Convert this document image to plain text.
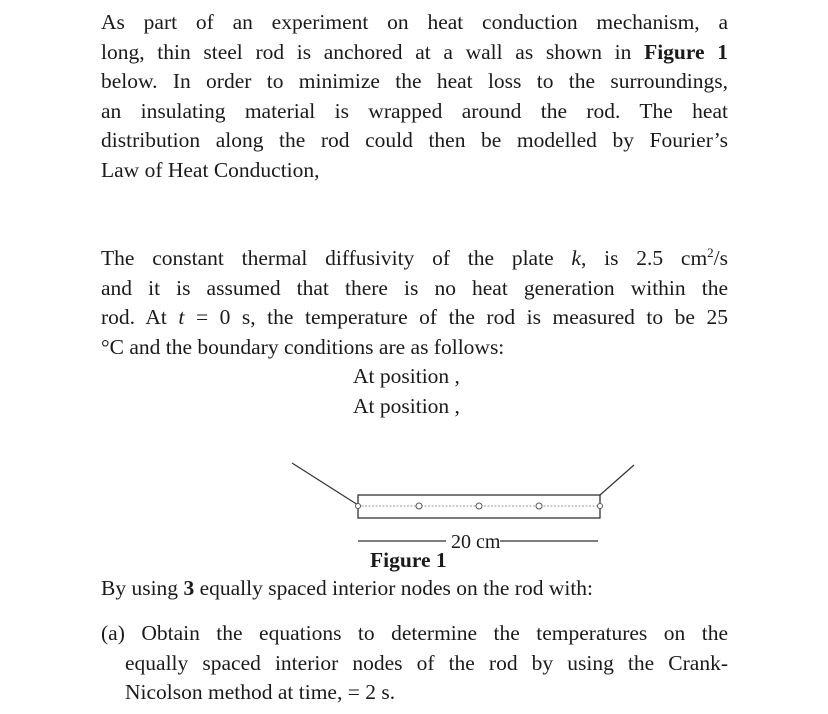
As part of an experiment on heat conduction mechanism, a
long, thin steel rod is anchored at a wall as shown in Figure 1
below. In order to minimize the heat loss to the surroundings,
an insulating material is wrapped around the rod. The heat
distribution along the rod could then be modelled by Fourier’s
Law of Heat Conduction,
The constant thermal diffusivity of the plate k, is 2.5 $cm^2/s$
and it is assumed that there is no heat generation within the
rod. At t = 0 s, the temperature of the rod is measured to be 25
°C and the boundary conditions are as follows:
At position ,
At position ,
20 cm
Figure 1
By using 3 equally spaced interior nodes on the rod with:
(a) Obtain the equations to determine the temperatures on the
equally spaced interior nodes of the rod by using the Crank-
Nicolson method at time, = 2 s.
